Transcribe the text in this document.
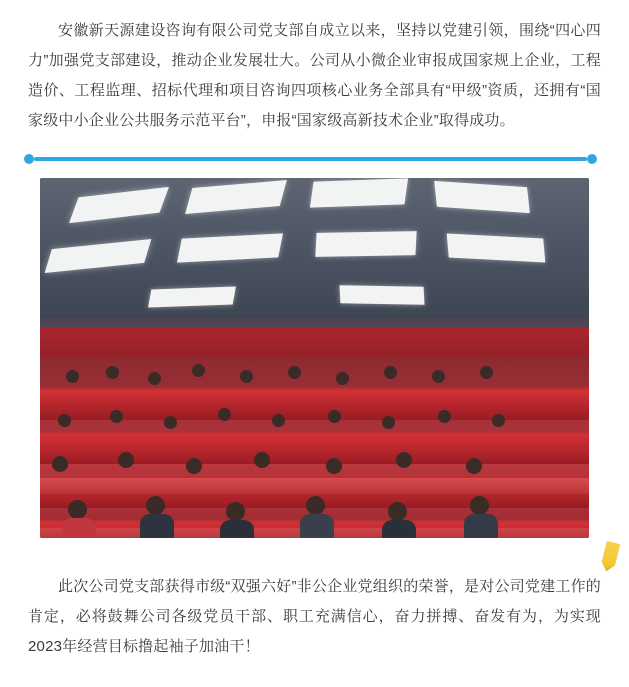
安徽新天源建设咨询有限公司党支部自成立以来，坚持以党建引领，围绕“四心四力”加强党支部建设，推动企业发展壮大。公司从小微企业审报成国家规上企业，工程造价、工程监理、招标代理和项目咨询四项核心业务全部具有“甲级”资质，还拥有“国家级中小企业公共服务示范平台”，申报“国家级高新技术企业”取得成功。

此次公司党支部获得市级“双强六好”非公企业党组织的荣誉，是对公司党建工作的肯定，必将鼓舞公司各级党员干部、职工充满信心，奋力拼搏、奋发有为，为实现2023年经营目标撸起袖子加油干！
